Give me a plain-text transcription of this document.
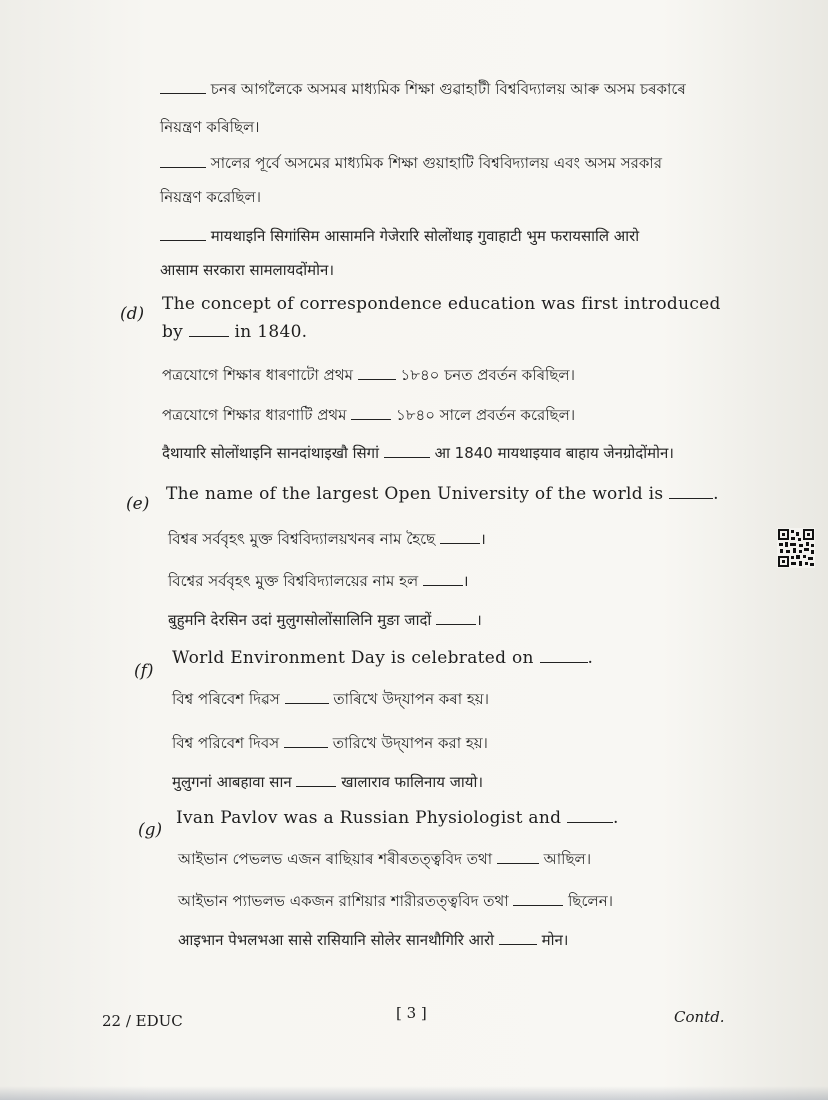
চনৰ আগলৈকে অসমৰ মাধ্যমিক শিক্ষা গুৱাহাটী বিশ্ববিদ্যালয় আৰু অসম চৰকাৰে
নিয়ন্ত্ৰণ কৰিছিল।
সালের পূর্বে অসমের মাধ্যমিক শিক্ষা গুয়াহাটি বিশ্ববিদ্যালয় এবং অসম সরকার
নিয়ন্ত্রণ করেছিল।
मायथाइनि सिगांसिम आसामनि गेजेरारि सोलोंथाइ गुवाहाटी भुम फरायसालि आरो
आसाम सरकारा सामलायदोंमोन।
(d) The concept of correspondence education was first introduced
by	in 1840.
পত্ৰযোগে শিক্ষাৰ ধাৰণাটো প্ৰথম	১৮৪০ চনত প্ৰবৰ্তন কৰিছিল।
পত্রযোগে শিক্ষার ধারণাটি প্রথম	১৮৪০ সালে প্রবর্তন করেছিল।
दैथायारि सोलोंथाइनि सानदांथाइखौ सिगां	आ 1840 मायथाइयाव बाहाय जेनग्रोदोंमोन।
(e) The name of the largest Open University of the world is	.
বিশ্বৰ সৰ্ববৃহৎ মুক্ত বিশ্ববিদ্যালয়খনৰ নাম হৈছে	।
বিশ্বের সর্ববৃহৎ মুক্ত বিশ্ববিদ্যালয়ের নাম হল	।
बुहुमनि देरसिन उदां मुलुगसोलोंसालिनि मुङा जादों	।
(f)
World Environment Day is celebrated on	.
বিশ্ব পৰিবেশ দিৱস	তাৰিখে উদ্‌যাপন কৰা হয়।
বিশ্ব পরিবেশ দিবস	তারিখে উদ্‌যাপন করা হয়।
मुलुगनां आबहावा सान	खालाराव फालिनाय जायो।
(g)
Ivan Pavlov was a Russian Physiologist and	.
আইভান পেভলভ এজন ৰাছিয়াৰ শৰীৰতত্ত্ববিদ তথা	আছিল।
আইভান প্যাভলভ একজন রাশিয়ার শারীরতত্ত্ববিদ তথা	ছিলেন।
आइभान पेभलभआ सासे रासियानि सोलेर सानथौगिरि आरो	मोन।
22 / EDUC	[ 3 ]	Contd.
